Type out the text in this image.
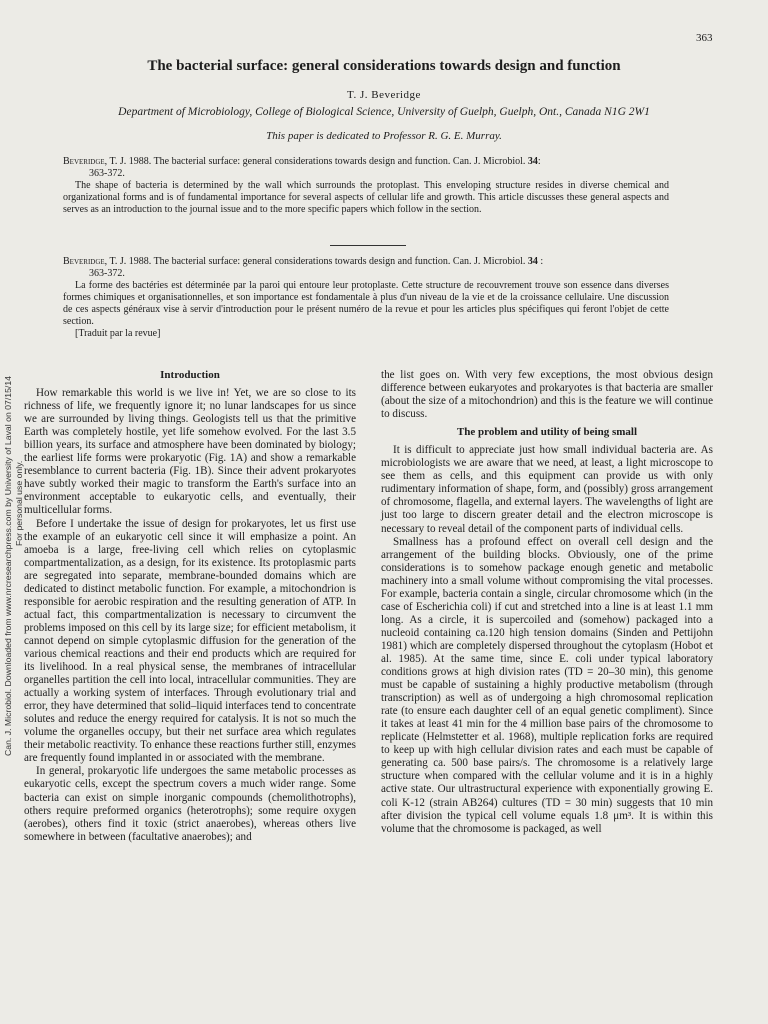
Can. J. Microbiol. Downloaded from www.nrcresearchpress.com by University of Laval on 07/15/14 For personal use only.
363
The bacterial surface: general considerations towards design and function
T. J. Beveridge
Department of Microbiology, College of Biological Science, University of Guelph, Guelph, Ont., Canada N1G 2W1
This paper is dedicated to Professor R. G. E. Murray.

Beveridge, T. J. 1988. The bacterial surface: general considerations towards design and function. Can. J. Microbiol. 34:

363-372.

The shape of bacteria is determined by the wall which surrounds the protoplast. This enveloping structure resides in diverse chemical and organizational forms and is of fundamental importance for several aspects of cellular life and growth. This article discusses these general aspects and serves as an introduction to the journal issue and to the more specific papers which follow in the section.

Beveridge, T. J. 1988. The bacterial surface: general considerations towards design and function. Can. J. Microbiol. 34 :

363-372.

La forme des bactéries est déterminée par la paroi qui entoure leur protoplaste. Cette structure de recouvrement trouve son essence dans diverses formes chimiques et organisationnelles, et son importance est fondamentale à plus d'un niveau de la vie et de la croissance cellulaire. Une discussion de ces aspects généraux vise à servir d'introduction pour le présent numéro de la revue et pour les articles plus spécifiques qui feront l'objet de cette section.

[Traduit par la revue]

Introduction

How remarkable this world is we live in! Yet, we are so close to its richness of life, we frequently ignore it; no lunar landscapes for us since we are surrounded by living things. Geologists tell us that the primitive Earth was completely hostile, yet life somehow evolved. For the last 3.5 billion years, its surface and atmosphere have been dominated by biology; the earliest life forms were prokaryotic (Fig. 1A) and show a remarkable resemblance to current bacteria (Fig. 1B). Since their advent prokaryotes have subtly worked their magic to transform the Earth's surface into an environment acceptable to eukaryotic cells, and eventually, their multicellular forms.

Before I undertake the issue of design for prokaryotes, let us first use the example of an eukaryotic cell since it will emphasize a point. An amoeba is a large, free-living cell which relies on cytoplasmic compartmentalization, as a design, for its existence. Its protoplasmic parts are segregated into separate, membrane-bounded domains which are dedicated to distinct metabolic function. For example, a mitochondrion is responsible for aerobic respiration and the resulting generation of ATP. In actual fact, this compartmentalization is necessary to circumvent the problems imposed on this cell by its large size; for efficient metabolism, it cannot depend on simple cytoplasmic diffusion for the generation of the various chemical reactions and their end products which are required for its livelihood. In a real physical sense, the membranes of intracellular organelles partition the cell into local, intracellular communities. They are actually a working system of interfaces. Through evolutionary trial and error, they have determined that solid–liquid interfaces tend to concentrate solutes and reduce the energy required for catalysis. It is not so much the volume the organelles occupy, but their net surface area which regulates their metabolic reactivity. To enhance these reactions further still, enzymes are frequently found implanted in or associated with the membrane.

In general, prokaryotic life undergoes the same metabolic processes as eukaryotic cells, except the spectrum covers a much wider range. Some bacteria can exist on simple inorganic compounds (chemolithotrophs), others require preformed organics (heterotrophs); some require oxygen (aerobes), others find it toxic (strict anaerobes), whereas others live somewhere in between (facultative anaerobes); and

the list goes on. With very few exceptions, the most obvious design difference between eukaryotes and prokaryotes is that bacteria are smaller (about the size of a mitochondrion) and this is the feature we will continue to discuss.

The problem and utility of being small

It is difficult to appreciate just how small individual bacteria are. As microbiologists we are aware that we need, at least, a light microscope to see them as cells, and this equipment can provide us with only rudimentary information of shape, form, and (possibly) gross arrangement of chromosome, flagella, and external layers. The wavelengths of light are just too large to discern greater detail and the electron microscope is necessary to reveal detail of the component parts of individual cells.

Smallness has a profound effect on overall cell design and the arrangement of the building blocks. Obviously, one of the prime considerations is to somehow package enough genetic and metabolic machinery into a small volume without compromising the vital processes. For example, bacteria contain a single, circular chromosome which (in the case of Escherichia coli) if cut and stretched into a line is at least 1.1 mm long. As a circle, it is supercoiled and (somehow) packaged into a nucleoid containing ca.120 high tension domains (Sinden and Pettijohn 1981) which are completely dispersed throughout the cytoplasm (Hobot et al. 1985). At the same time, since E. coli under typical laboratory conditions grows at high division rates (TD = 20–30 min), this genome must be capable of sustaining a highly productive metabolism (through transcription) as well as of undergoing a high chromosomal replication rate (to ensure each daughter cell of an equal genetic compliment). Since it takes at least 41 min for the 4 million base pairs of the chromosome to replicate (Helmstetter et al. 1968), multiple replication forks are required to keep up with high cellular division rates and each must be capable of generating ca. 500 base pairs/s. The chromosome is a relatively large structure when compared with the cellular volume and it is in a highly active state. Our ultrastructural experience with exponentially growing E. coli K-12 (strain AB264) cultures (TD = 30 min) suggests that 10 min after division the typical cell volume equals 1.8 μm³. It is within this volume that the chromosome is packaged, as well
